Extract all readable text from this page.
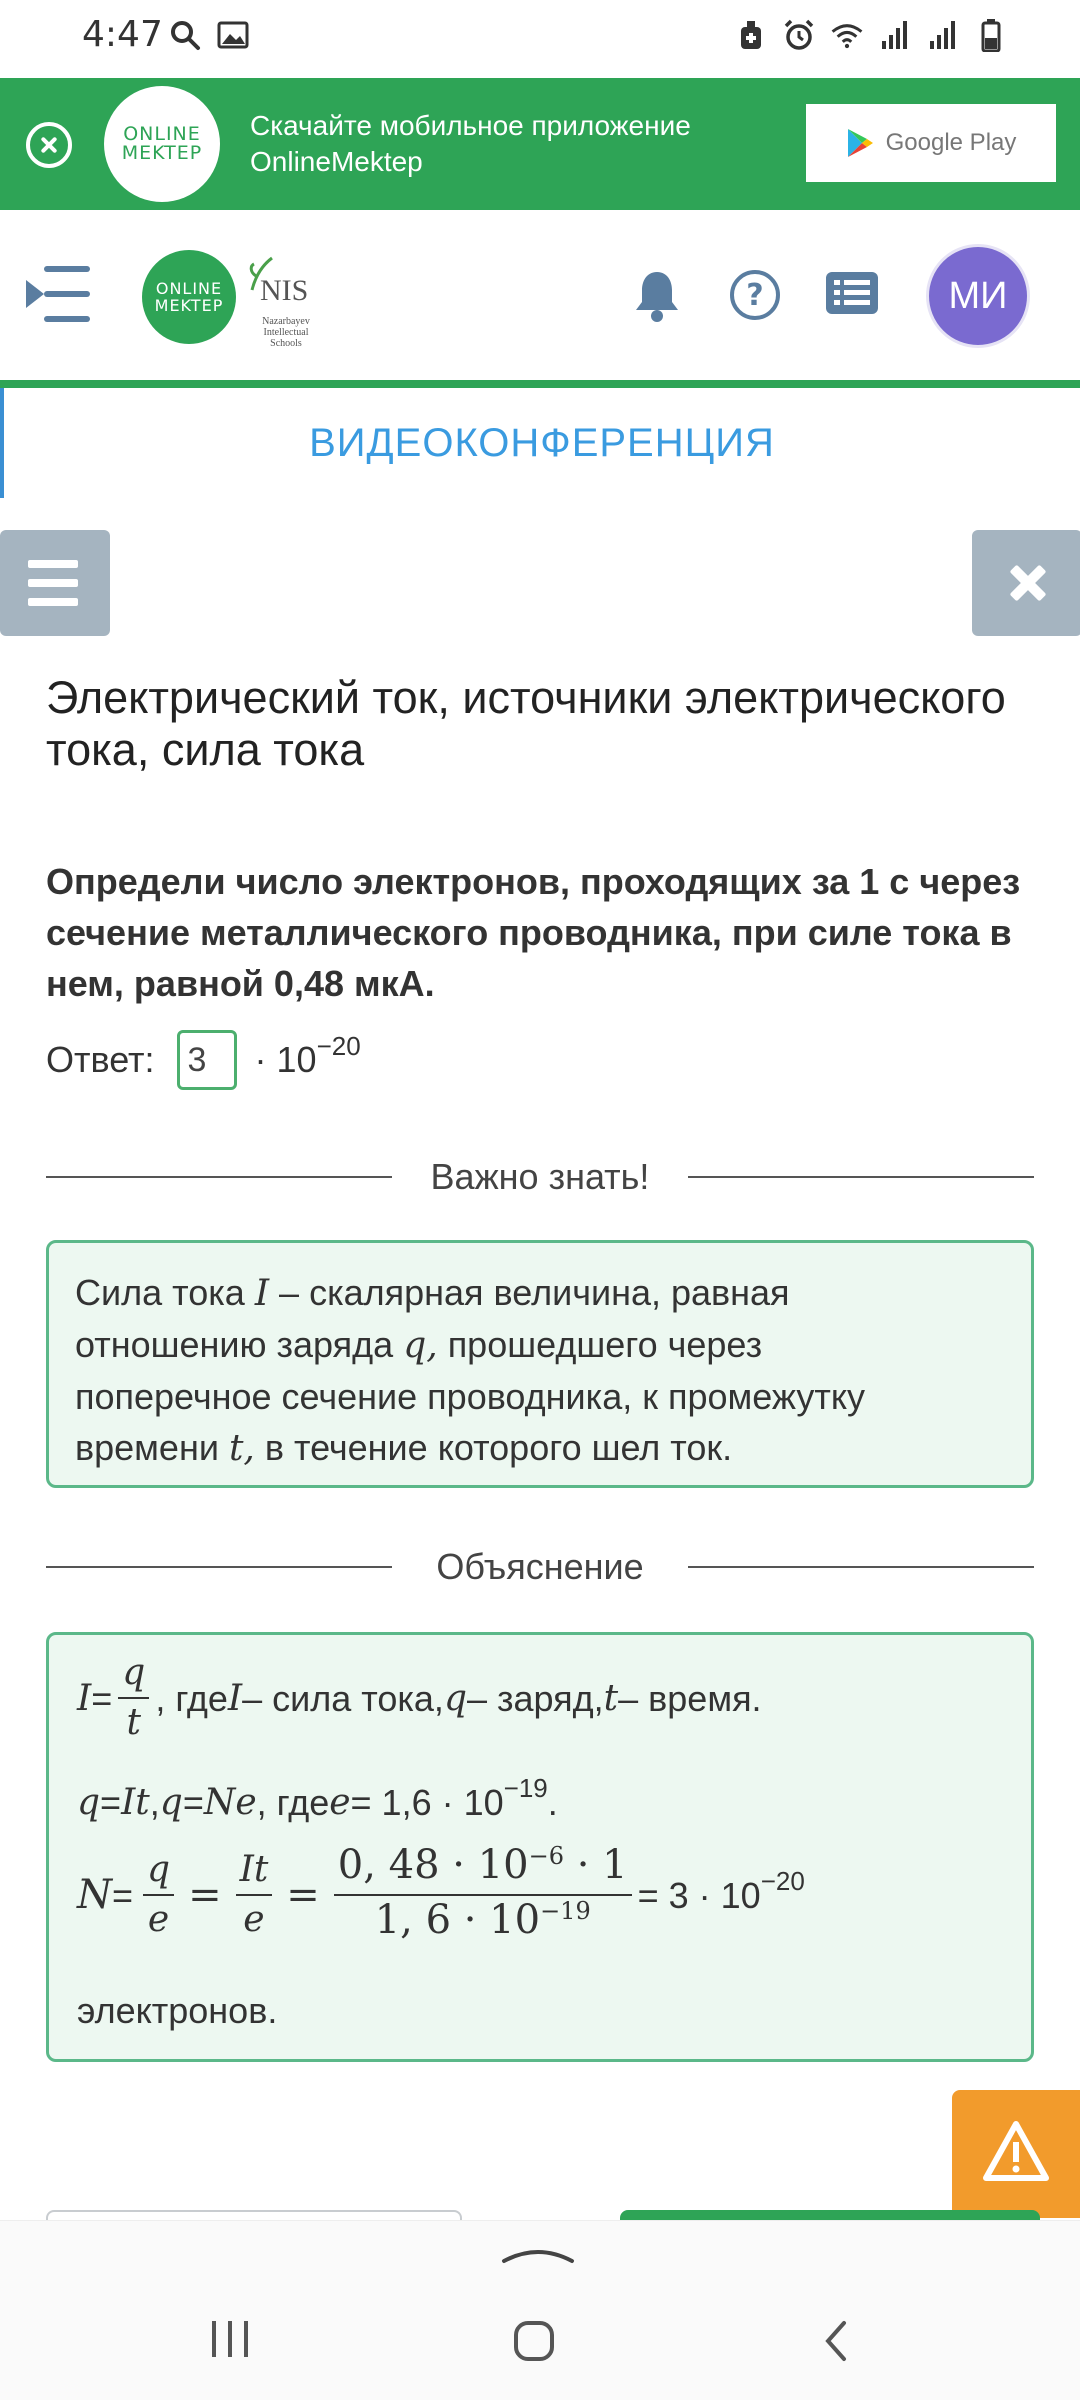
4:47
ONLINE
MEKTEP
Скачайте мобильное приложение
OnlineMektep
Google Play
ONLINE
MEKTEP NIS
Nazarbayev
Intellectual
Schools
?	МИ
ВИДЕОКОНФЕРЕНЦИЯ
Электрический ток, источники электрического тока, сила тока
Определи число электронов, проходящих за 1 с через сечение металлического проводника, при силе тока в нем, равной 0,48 мкА.
Ответ: 3	· 10 −20
Важно знать!
Сила тока I – скалярная величина, равная
отношению заряда q, прошедшего через
поперечное сечение проводника, к промежутку
времени t, в течение которого шел ток.
Объяснение
$I = \frac{q}{t}$ , где I – сила тока, q – заряд, t – время.
q = It , q = Ne , где e = 1,6 · 10 −19 .
$N = \frac{q}{e} = \frac{It}{e} = \frac{0, 48 \cdot 10^{-6} \cdot 1}{1, 6 \cdot 10^{-19}} = 3 \cdot 10 -20$
электронов.
